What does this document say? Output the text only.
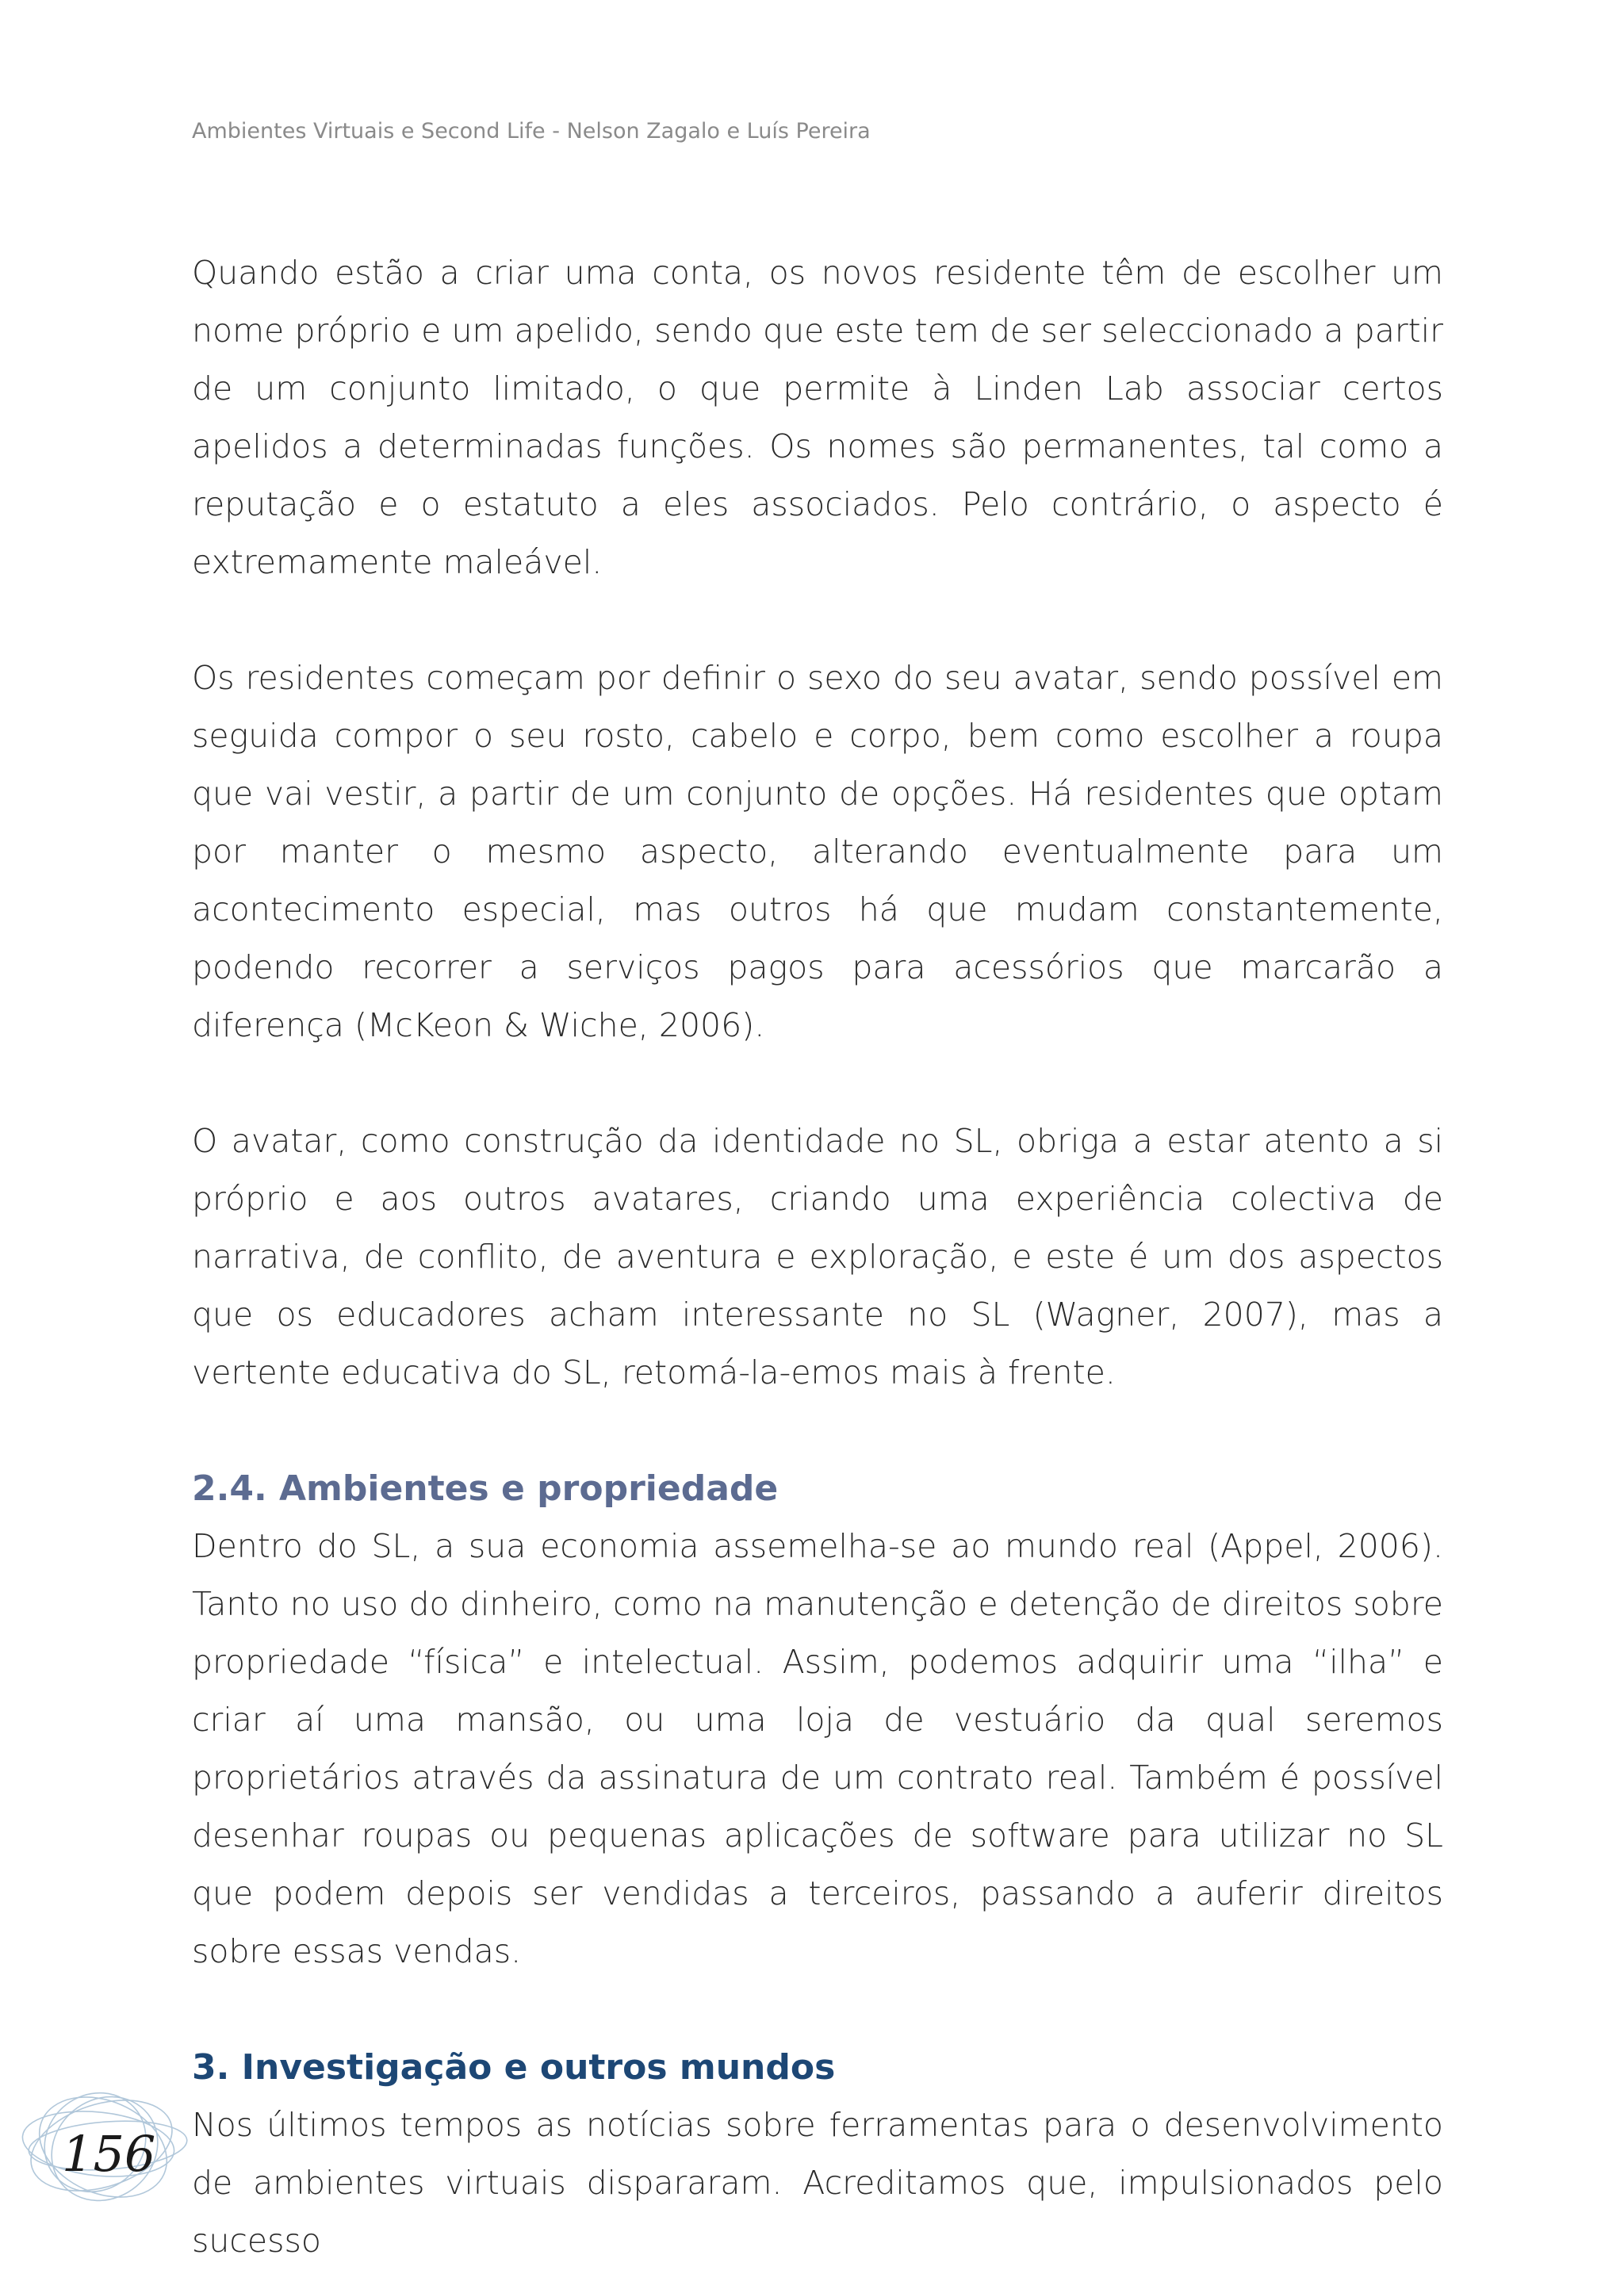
Ambientes Virtuais e Second Life - Nelson Zagalo e Luís Pereira

Quando estão a criar uma conta, os novos residente têm de escolher um nome próprio e um apelido, sendo que este tem de ser seleccionado a partir de um conjunto limitado, o que permite à Linden Lab associar certos apelidos a determinadas funções. Os nomes são permanentes, tal como a reputação e o estatuto a eles associados. Pelo contrário, o aspecto é extremamente maleável.

Os residentes começam por definir o sexo do seu avatar, sendo possível em seguida compor o seu rosto, cabelo e corpo, bem como escolher a roupa que vai vestir, a partir de um conjunto de opções. Há residentes que optam por manter o mesmo aspecto, alterando eventualmente para um acontecimento especial, mas outros há que mudam constantemente, podendo recorrer a serviços pagos para acessórios que marcarão a diferença (McKeon & Wiche, 2006).

O avatar, como construção da identidade no SL, obriga a estar atento a si próprio e aos outros avatares, criando uma experiência colectiva de narrativa, de conflito, de aventura e exploração, e este é um dos aspectos que os educadores acham interessante no SL (Wagner, 2007), mas a vertente educativa do SL, retomá-la-emos mais à frente.

2.4. Ambientes e propriedade

Dentro do SL, a sua economia assemelha-se ao mundo real (Appel, 2006). Tanto no uso do dinheiro, como na manutenção e detenção de direitos sobre propriedade “física” e intelectual. Assim, podemos adquirir uma “ilha” e criar aí uma mansão, ou uma loja de vestuário da qual seremos proprietários através da assinatura de um contrato real. Também é possível desenhar roupas ou pequenas aplicações de software para utilizar no SL que podem depois ser vendidas a terceiros, passando a auferir direitos sobre essas vendas.

3. Investigação e outros mundos

Nos últimos tempos as notícias sobre ferramentas para o desenvolvimento de ambientes virtuais dispararam. Acreditamos que, impulsionados pelo sucesso

156
